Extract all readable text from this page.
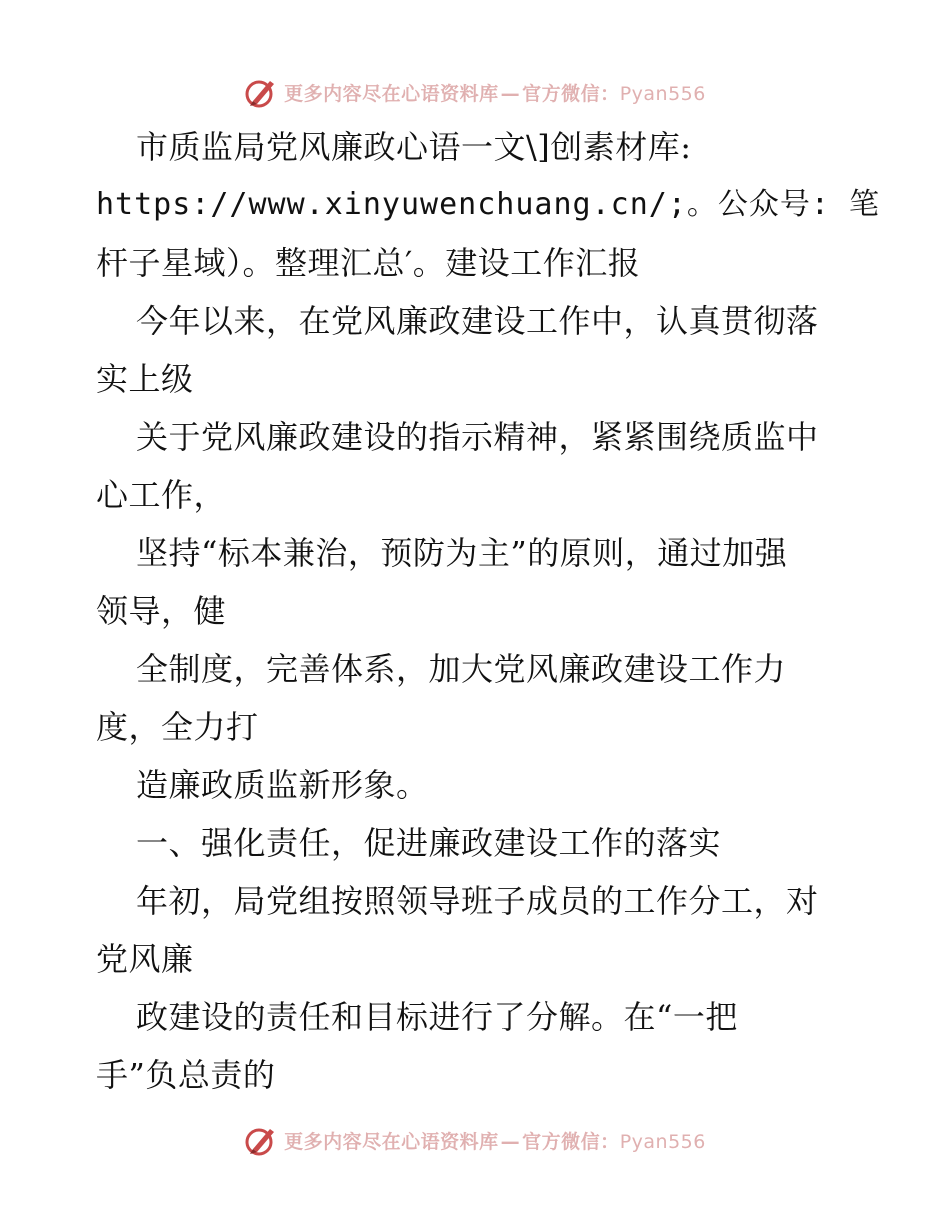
更多内容尽在心语资料库 — 官方微信：Pyan556
市质监局党风廉政心语一文\]创素材库:
https://www.xinyuwenchuang.cn/;。公众号: 笔
杆子星域）。整理汇总′。建设工作汇报
今年以来，在党风廉政建设工作中，认真贯彻落
实上级
关于党风廉政建设的指示精神，紧紧围绕质监中
心工作，
坚持“标本兼治，预防为主”的原则，通过加强
领导，健
全制度，完善体系，加大党风廉政建设工作力
度，全力打
造廉政质监新形象。
一、强化责任，促进廉政建设工作的落实
年初，局党组按照领导班子成员的工作分工，对
党风廉
政建设的责任和目标进行了分解。在“一把
手”负总责的
更多内容尽在心语资料库 — 官方微信：Pyan556
